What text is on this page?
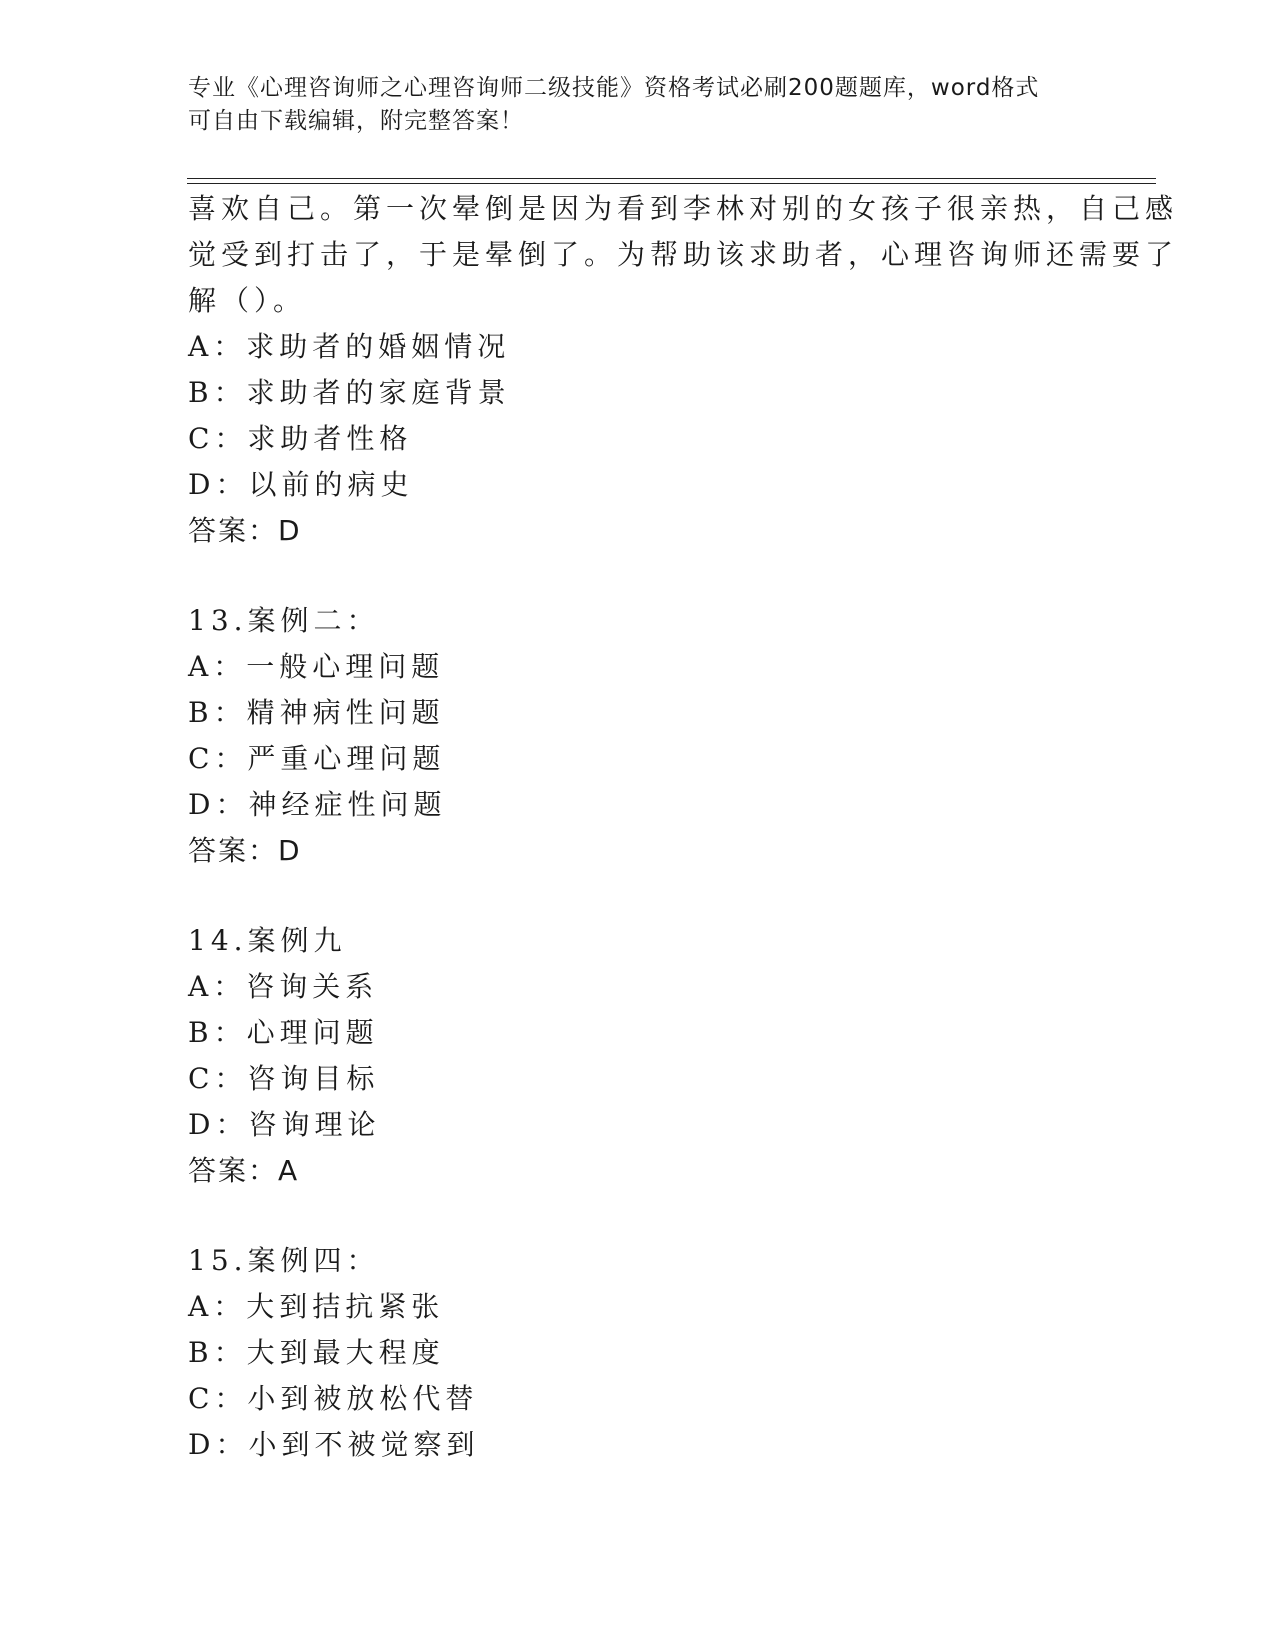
专业《心理咨询师之心理咨询师二级技能》资格考试必刷200题题库，word格式
可自由下载编辑，附完整答案！
喜欢自己。第一次晕倒是因为看到李林对别的女孩子很亲热，自己感
觉受到打击了，于是晕倒了。为帮助该求助者，心理咨询师还需要了
解（）。
A：求助者的婚姻情况
B：求助者的家庭背景
C：求助者性格
D：以前的病史
答案：D
13.案例二：
A：一般心理问题
B：精神病性问题
C：严重心理问题
D：神经症性问题
答案：D
14.案例九
A：咨询关系
B：心理问题
C：咨询目标
D：咨询理论
答案：A
15.案例四：
A：大到拮抗紧张
B：大到最大程度
C：小到被放松代替
D：小到不被觉察到
